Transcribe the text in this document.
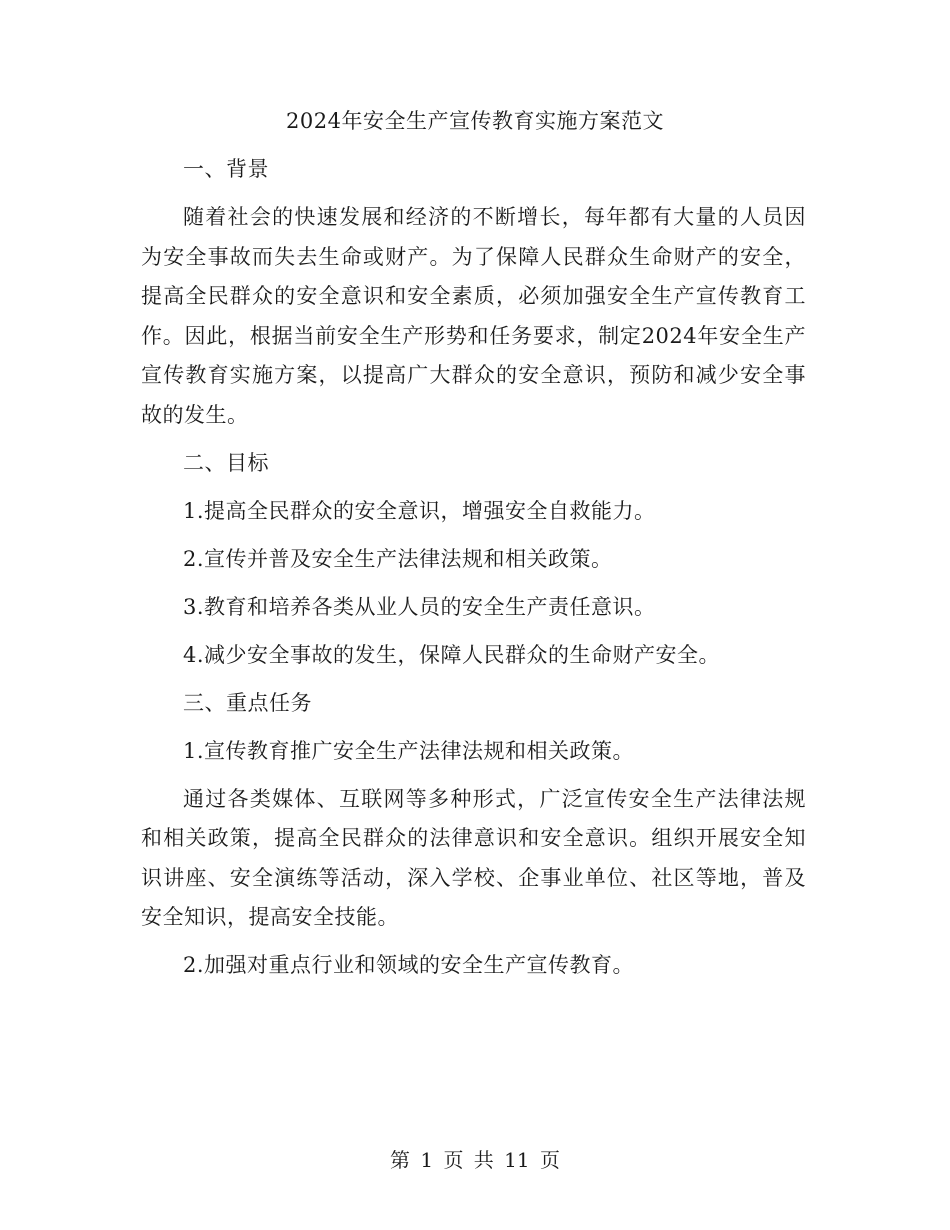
2024年安全生产宣传教育实施方案范文

一、背景

随着社会的快速发展和经济的不断增长，每年都有大量的人员因为安全事故而失去生命或财产。为了保障人民群众生命财产的安全，提高全民群众的安全意识和安全素质，必须加强安全生产宣传教育工作。因此，根据当前安全生产形势和任务要求，制定2024年安全生产宣传教育实施方案，以提高广大群众的安全意识，预防和减少安全事故的发生。

二、目标

1.提高全民群众的安全意识，增强安全自救能力。

2.宣传并普及安全生产法律法规和相关政策。

3.教育和培养各类从业人员的安全生产责任意识。

4.减少安全事故的发生，保障人民群众的生命财产安全。

三、重点任务

1.宣传教育推广安全生产法律法规和相关政策。

通过各类媒体、互联网等多种形式，广泛宣传安全生产法律法规和相关政策，提高全民群众的法律意识和安全意识。组织开展安全知识讲座、安全演练等活动，深入学校、企事业单位、社区等地，普及安全知识，提高安全技能。

2.加强对重点行业和领域的安全生产宣传教育。

第 1 页 共 11 页
